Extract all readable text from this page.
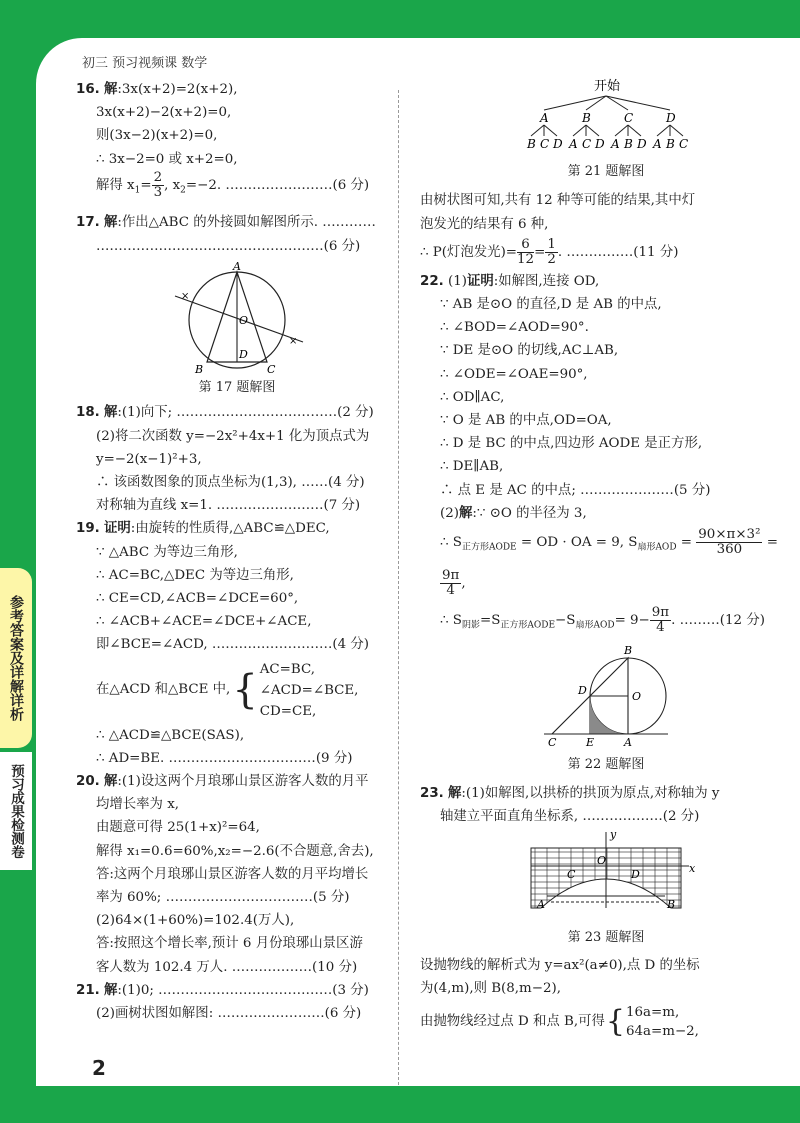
初三 预习视频课 数学
16. 解:3x(x+2)=2(x+2),
3x(x+2)−2(x+2)=0,
则(3x−2)(x+2)=0,
∴ 3x−2=0 或 x+2=0,
解得 $x_1= \frac{2}{3}$ , $x_2=-2$. ……………………(6 分)
17. 解:作出△ABC 的外接圆如解图所示. …………
……………………………………………(6 分)
×
×
A
B	C
D
O
第 17 题解图
18. 解:(1)向下; ………………………………(2 分)
(2)将二次函数 y=−2x²+4x+1 化为顶点式为
y=−2(x−1)²+3,
∴ 该函数图象的顶点坐标为(1,3), ……(4 分)
对称轴为直线 x=1. ……………………(7 分)
19. 证明:由旋转的性质得,△ABC≌△DEC,
∵ △ABC 为等边三角形,
∴ AC=BC,△DEC 为等边三角形,
∴ CE=CD,∠ACB=∠DCE=60°,
∴ ∠ACB+∠ACE=∠DCE+∠ACE,
即∠BCE=∠ACD, ………………………(4 分)
在△ACD 和△BCE 中, { AC=BC,
∠ACD=∠BCE,
CD=CE,
∴ △ACD≌△BCE(SAS),
∴ AD=BE. ……………………………(9 分)
20. 解:(1)设这两个月琅琊山景区游客人数的月平
均增长率为 x,
由题意可得 25(1+x)²=64,
解得 x₁=0.6=60%,x₂=−2.6(不合题意,舍去),
答:这两个月琅琊山景区游客人数的月平均增长
率为 60%; ……………………………(5 分)
(2)64×(1+60%)=102.4(万人),
答:按照这个增长率,预计 6 月份琅琊山景区游
客人数为 102.4 万人. ………………(10 分)
21. 解:(1)0; …………………………………(3 分)
(2)画树状图如解图: ……………………(6 分)
开始
A	B	C	D
B C D A C D A B D A B C
第 21 题解图
由树状图可知,共有 12 种等可能的结果,其中灯
泡发光的结果有 6 种,
∴ P(灯泡发光)= $\frac{6}{12} = \frac{1}{2}$ . ……………(11 分)
22. (1)证明:如解图,连接 OD,
∵ AB 是⊙O 的直径,D 是 AB 的中点,
∴ ∠BOD=∠AOD=90°.
∵ DE 是⊙O 的切线,AC⊥AB,
∴ ∠ODE=∠OAE=90°,
∴ OD∥AC,
∵ O 是 AB 的中点,OD=OA,
∴ D 是 BC 的中点,四边形 AODE 是正方形,
∴ DE∥AB,
∴ 点 E 是 AC 的中点; …………………(5 分)
(2)解:∵ ⊙O 的半径为 3,
∴ $S_{正方形AODE}$ = OD · OA = 9, $S_{扇形AOD} = \frac{\text{90×π×3²}}{360}$ =
$\frac{9\pi}{4}$ ,
∴ $S_{阴影}=S_{正方形AODE}-S_{扇形AOD}= 9- \frac{9\pi}{4}$ . ………(12 分)
B
D	O
C	E	A
第 22 题解图
23. 解:(1)如解图,以拱桥的拱顶为原点,对称轴为 y
轴建立平面直角坐标系, ………………(2 分)
y
x
O
C	D
A	B
第 23 题解图
设抛物线的解析式为 y=ax²(a≠0),点 D 的坐标
为(4,m),则 B(8,m−2),
由抛物线经过点 D 和点 B,可得 { 16a=m,
64a=m−2,
2
参考答案及详解详析
预习成果检测卷
